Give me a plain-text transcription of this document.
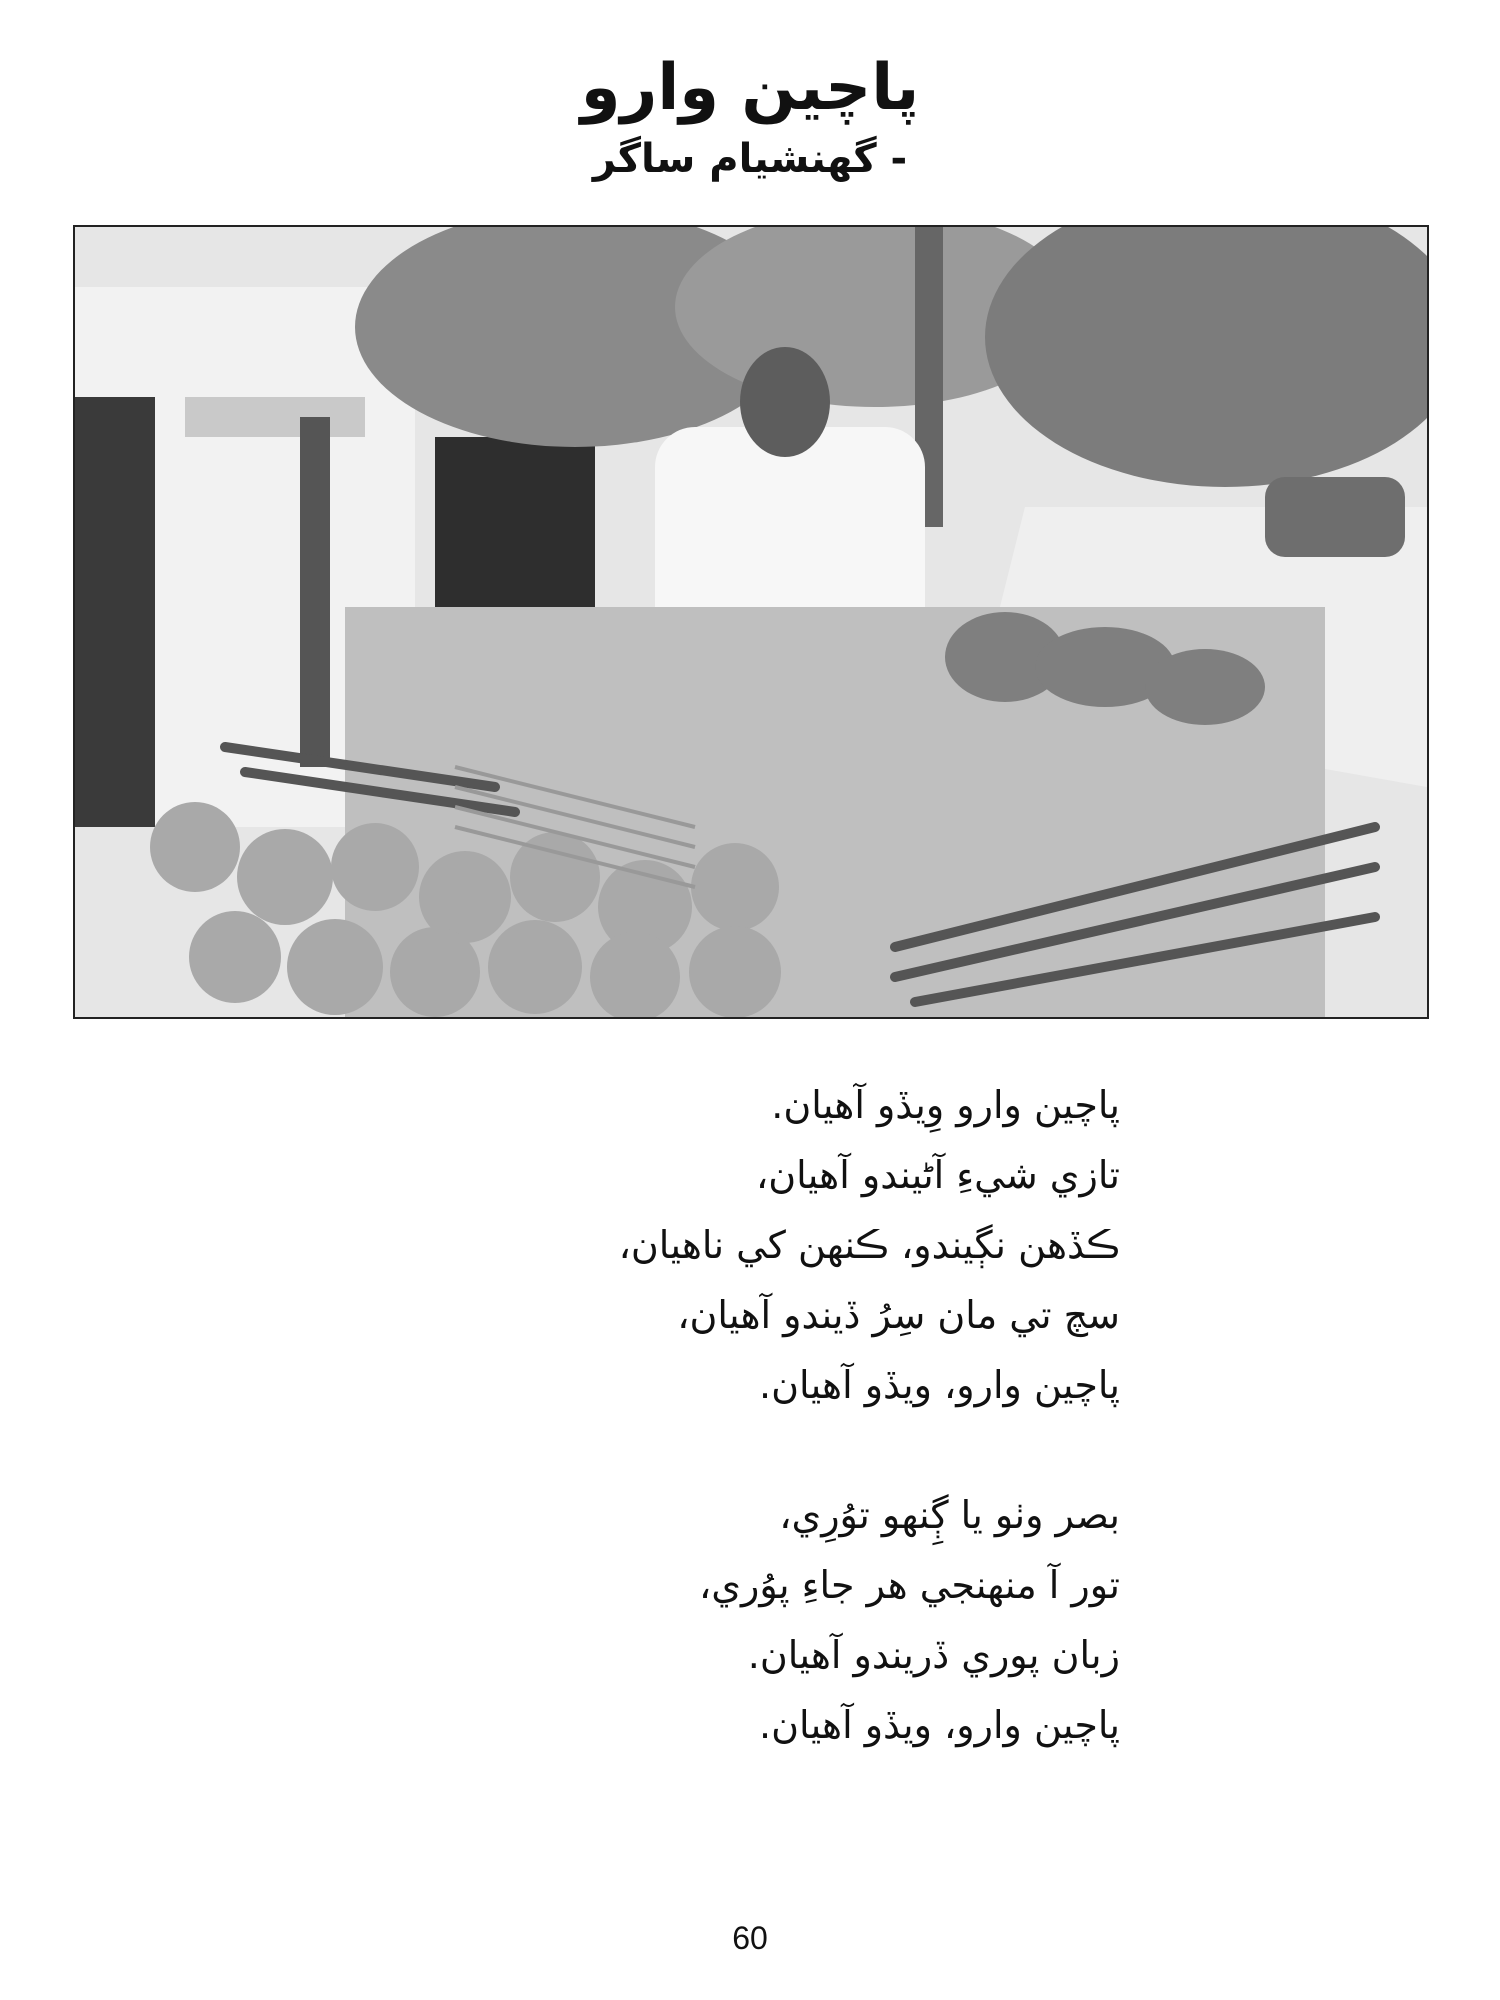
پاچين وارو
- گهنشيام ساگر
پاچين وارو وِيڏو آهيان.
تازي شيءِ آڻيندو آهيان،
ڪڏهن نڳيندو، ڪنهن کي ناهيان،
سچ تي مان سِرُ ڏيندو آهيان،
پاچين وارو، ويڏو آهيان.
بصر وٺو يا ڳِنهو توُرِي،
تور آ منهنجي هر جاءِ پوُري،
زبان پوري ڏريندو آهيان.
پاچين وارو، ويڏو آهيان.
60
